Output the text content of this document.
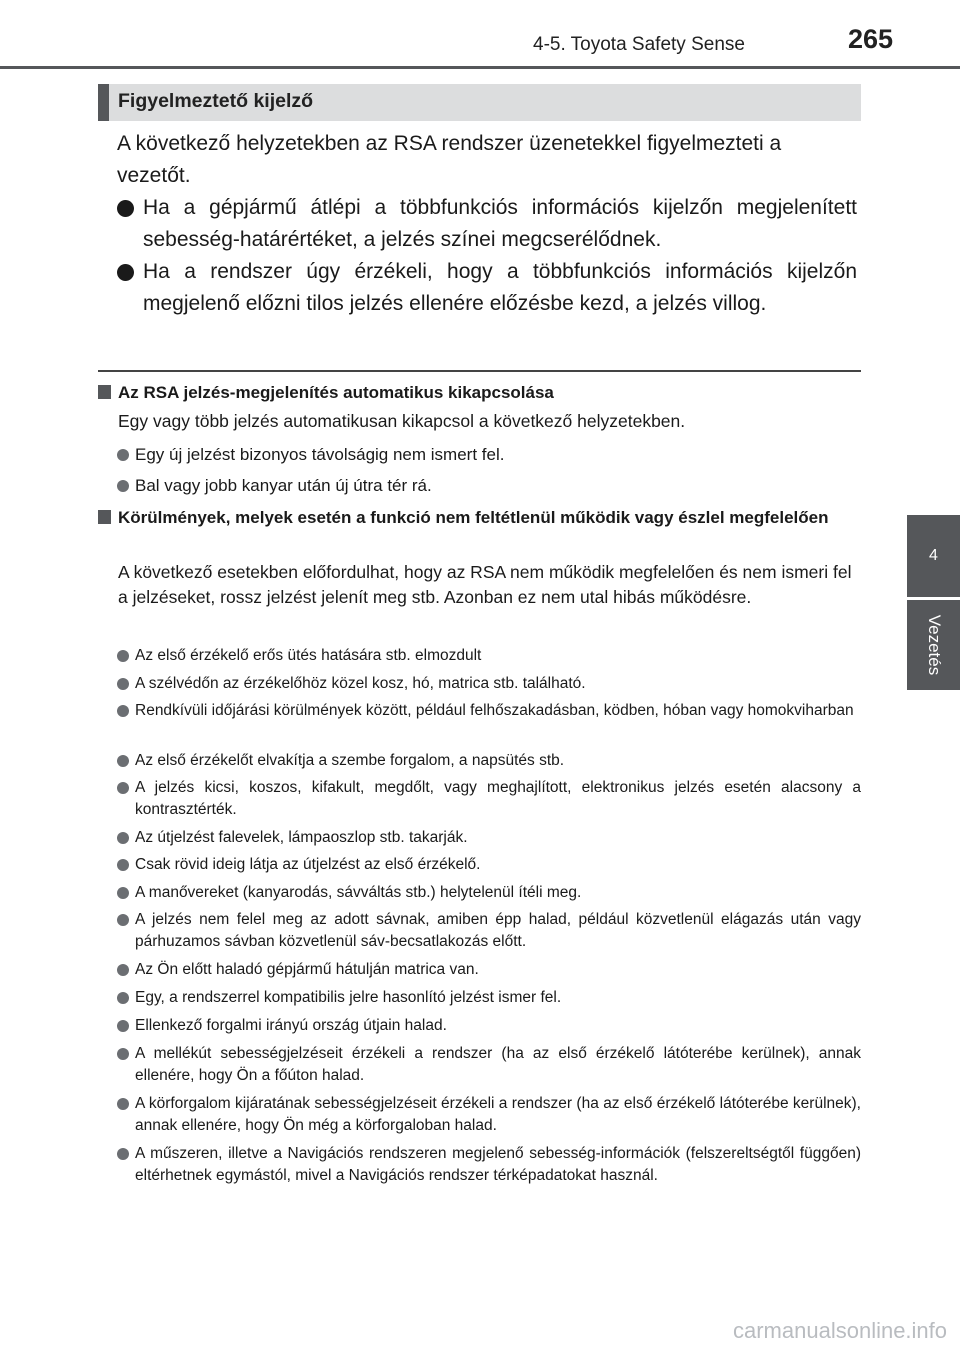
4-5. Toyota Safety Sense	265
4
Vezetés
Figyelmeztető kijelző
A következő helyzetekben az RSA rendszer üzenetekkel figyelmezteti a vezetőt.
Ha a gépjármű átlépi a többfunkciós információs kijelzőn megjelenített sebesség-határértéket, a jelzés színei megcserélődnek.
Ha a rendszer úgy érzékeli, hogy a többfunkciós információs kijelzőn megjelenő előzni tilos jelzés ellenére előzésbe kezd, a jelzés villog.
Az RSA jelzés-megjelenítés automatikus kikapcsolása
Egy vagy több jelzés automatikusan kikapcsol a következő helyzetekben.
Egy új jelzést bizonyos távolságig nem ismert fel.
Bal vagy jobb kanyar után új útra tér rá.
Körülmények, melyek esetén a funkció nem feltétlenül működik vagy észlel megfelelően
A következő esetekben előfordulhat, hogy az RSA nem működik megfelelően és nem ismeri fel a jelzéseket, rossz jelzést jelenít meg stb. Azonban ez nem utal hibás működésre.
Az első érzékelő erős ütés hatására stb. elmozdult
A szélvédőn az érzékelőhöz közel kosz, hó, matrica stb. található.
Rendkívüli időjárási körülmények között, például felhőszakadásban, ködben, hóban vagy homokviharban
Az első érzékelőt elvakítja a szembe forgalom, a napsütés stb.
A jelzés kicsi, koszos, kifakult, megdőlt, vagy meghajlított, elektronikus jelzés esetén alacsony a kontrasztérték.
Az útjelzést falevelek, lámpaoszlop stb. takarják.
Csak rövid ideig látja az útjelzést az első érzékelő.
A manővereket (kanyarodás, sávváltás stb.) helytelenül ítéli meg.
A jelzés nem felel meg az adott sávnak, amiben épp halad, például közvetlenül elágazás után vagy párhuzamos sávban közvetlenül sáv-becsatlakozás előtt.
Az Ön előtt haladó gépjármű hátulján matrica van.
Egy, a rendszerrel kompatibilis jelre hasonlító jelzést ismer fel.
Ellenkező forgalmi irányú ország útjain halad.
A mellékút sebességjelzéseit érzékeli a rendszer (ha az első érzékelő látóterébe kerülnek), annak ellenére, hogy Ön a főúton halad.
A körforgalom kijáratának sebességjelzéseit érzékeli a rendszer (ha az első érzékelő látóterébe kerülnek), annak ellenére, hogy Ön még a körforgaloban halad.
A műszeren, illetve a Navigációs rendszeren megjelenő sebesség-információk (felszereltségtől függően) eltérhetnek egymástól, mivel a Navigációs rendszer térképadatokat használ.
carmanualsonline.info
